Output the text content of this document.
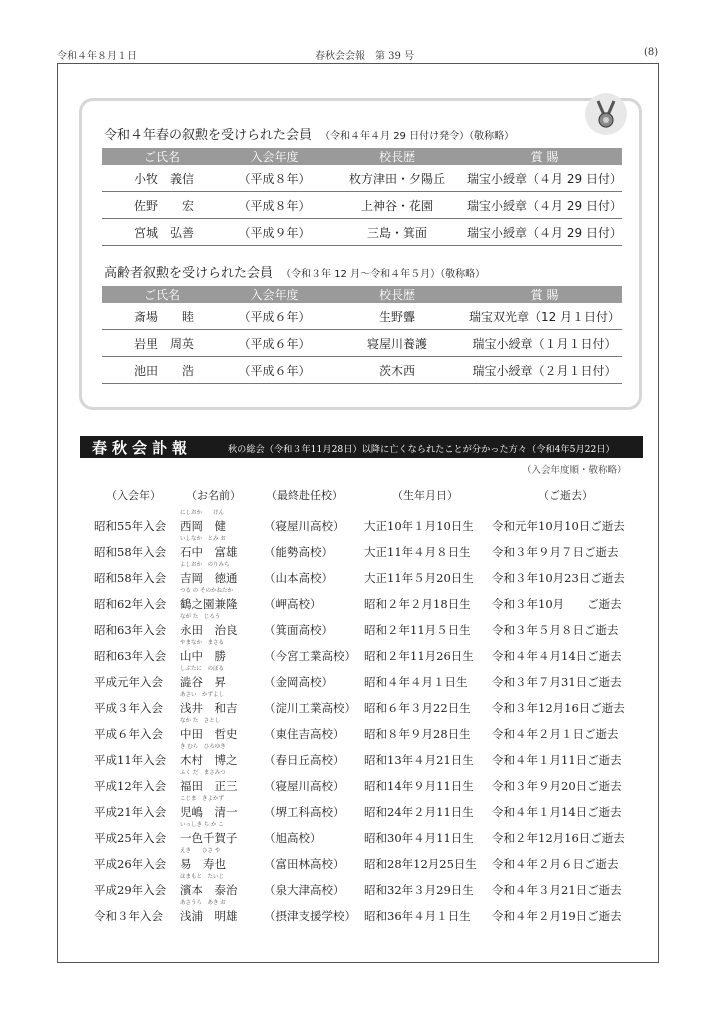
令和４年８月１日	春秋会会報　第 39 号	(8)
令和４年春の叙勲を受けられた会員 （令和４年４月 29 日付け発令）（敬称略）
ご氏名	入会年度	校長歴	賞 賜
小牧　義信	（平成８年）	枚方津田・夕陽丘	瑞宝小綬章（４月 29 日付）
佐野　　宏	（平成８年）	上神谷・花園	瑞宝小綬章（４月 29 日付）
宮城　弘善	（平成９年）	三島・箕面	瑞宝小綬章（４月 29 日付）
高齢者叙勲を受けられた会員 （令和３年 12 月～令和４年５月）（敬称略）
ご氏名	入会年度	校長歴	賞 賜
斎場　　睦	（平成６年）	生野聾	瑞宝双光章（12 月１日付）
岩里　周英	（平成６年）	寝屋川養護	瑞宝小綬章（１月１日付）
池田　　浩	（平成６年）	茨木西	瑞宝小綬章（２月１日付）
春秋会訃報	秋の総会（令和３年11月28日）以降に亡くなられたことが分かった方々（令和4年5月22日）
（入会年度順・敬称略）
（入会年） （お名前） （最終赴任校）	（生年月日）	（ご逝去）
にしおか　　けん
昭和55年入会 西岡　健	（寝屋川高校） 大正10年１月10日生 令和元年10月10日ご逝去
いしなか　とみ お
昭和58年入会 石中　富雄 （能勢高校）	大正11年４月８日生 令和３年９月７日ご逝去
よしおか　のりみち
昭和58年入会 吉岡　徳通 （山本高校）	大正11年５月20日生 令和３年10月23日ご逝去
つる の そのかねたか
昭和62年入会 鶴之園兼隆 （岬高校）	昭和２年２月18日生 令和３年10月　　ご逝去
なが た　じろう
昭和63年入会 永田　治良 （箕面高校）	昭和２年11月５日生 令和３年５月８日ご逝去
やまなか　まさる
昭和63年入会 山中　勝	（今宮工業高校） 昭和２年11月26日生 令和４年４月14日ご逝去
しぶたに　のぼる
平成元年入会 澁谷　昇	（金岡高校）	昭和４年４月１日生 令和３年７月31日ご逝去
あさい　かずよし
平成３年入会 浅井　和吉 （淀川工業高校） 昭和６年３月22日生 令和３年12月16日ご逝去
なか た　さとし
平成６年入会 中田　哲史 （東住吉高校） 昭和８年９月28日生 令和４年２月１日ご逝去
き むら　ひろゆき
平成11年入会 木村　博之 （春日丘高校） 昭和13年４月21日生 令和４年１月11日ご逝去
ふく だ　まさみつ
平成12年入会 福田　正三 （寝屋川高校） 昭和14年９月11日生 令和３年９月20日ご逝去
こじま　きよかず
平成21年入会 児嶋　清一 （堺工科高校） 昭和24年２月11日生 令和４年１月14日ご逝去
いっしき ち か こ
平成25年入会 一色千賀子 （旭高校）	昭和30年４月11日生 令和２年12月16日ご逝去
えき　　ひさ や
平成26年入会 易　寿也	（富田林高校） 昭和28年12月25日生 令和４年２月６日ご逝去
はまもと　たいじ
平成29年入会 濱本　泰治 （泉大津高校） 昭和32年３月29日生 令和４年３月21日ご逝去
あさうら　あき お
令和３年入会 浅浦　明雄 （摂津支援学校） 昭和36年４月１日生 令和４年２月19日ご逝去
